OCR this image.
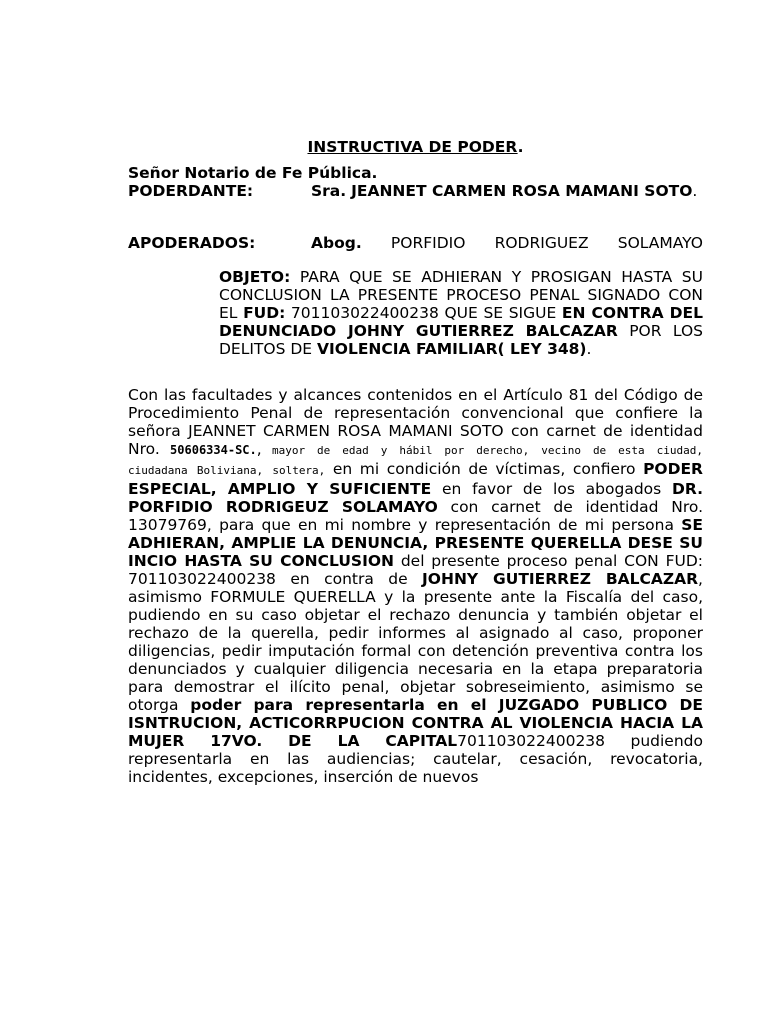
INSTRUCTIVA DE PODER.
Señor Notario de Fe Pública.
PODERDANTE:	Sra. JEANNET CARMEN ROSA MAMANI SOTO.
APODERADOS:	Abog. PORFIDIO RODRIGUEZ SOLAMAYO
OBJETO: PARA QUE SE ADHIERAN Y PROSIGAN HASTA SU CONCLUSION LA PRESENTE PROCESO PENAL SIGNADO CON EL FUD: 701103022400238 QUE SE SIGUE EN CONTRA DEL DENUNCIADO JOHNY GUTIERREZ BALCAZAR POR LOS DELITOS DE VIOLENCIA FAMILIAR( LEY 348).
Con las facultades y alcances contenidos en el Artículo 81 del Código de Procedimiento Penal de representación convencional que confiere la señora JEANNET CARMEN ROSA MAMANI SOTO con carnet de identidad Nro. 50606334-SC., mayor de edad y hábil por derecho, vecino de esta ciudad, ciudadana Boliviana, soltera, en mi condición de víctimas, confiero PODER ESPECIAL, AMPLIO Y SUFICIENTE en favor de los abogados DR. PORFIDIO RODRIGEUZ SOLAMAYO con carnet de identidad Nro. 13079769, para que en mi nombre y representación de mi persona SE ADHIERAN, AMPLIE LA DENUNCIA, PRESENTE QUERELLA DESE SU INCIO HASTA SU CONCLUSION del presente proceso penal CON FUD: 701103022400238 en contra de JOHNY GUTIERREZ BALCAZAR, asimismo FORMULE QUERELLA y la presente ante la Fiscalía del caso, pudiendo en su caso objetar el rechazo denuncia y también objetar el rechazo de la querella, pedir informes al asignado al caso, proponer diligencias, pedir imputación formal con detención preventiva contra los denunciados y cualquier diligencia necesaria en la etapa preparatoria para demostrar el ilícito penal, objetar sobreseimiento, asimismo se otorga poder para representarla en el JUZGADO PUBLICO DE ISNTRUCION, ACTICORRPUCION CONTRA AL VIOLENCIA HACIA LA MUJER 17VO. DE LA CAPITAL701103022400238 pudiendo representarla en las audiencias; cautelar, cesación, revocatoria, incidentes, excepciones, inserción de nuevos
